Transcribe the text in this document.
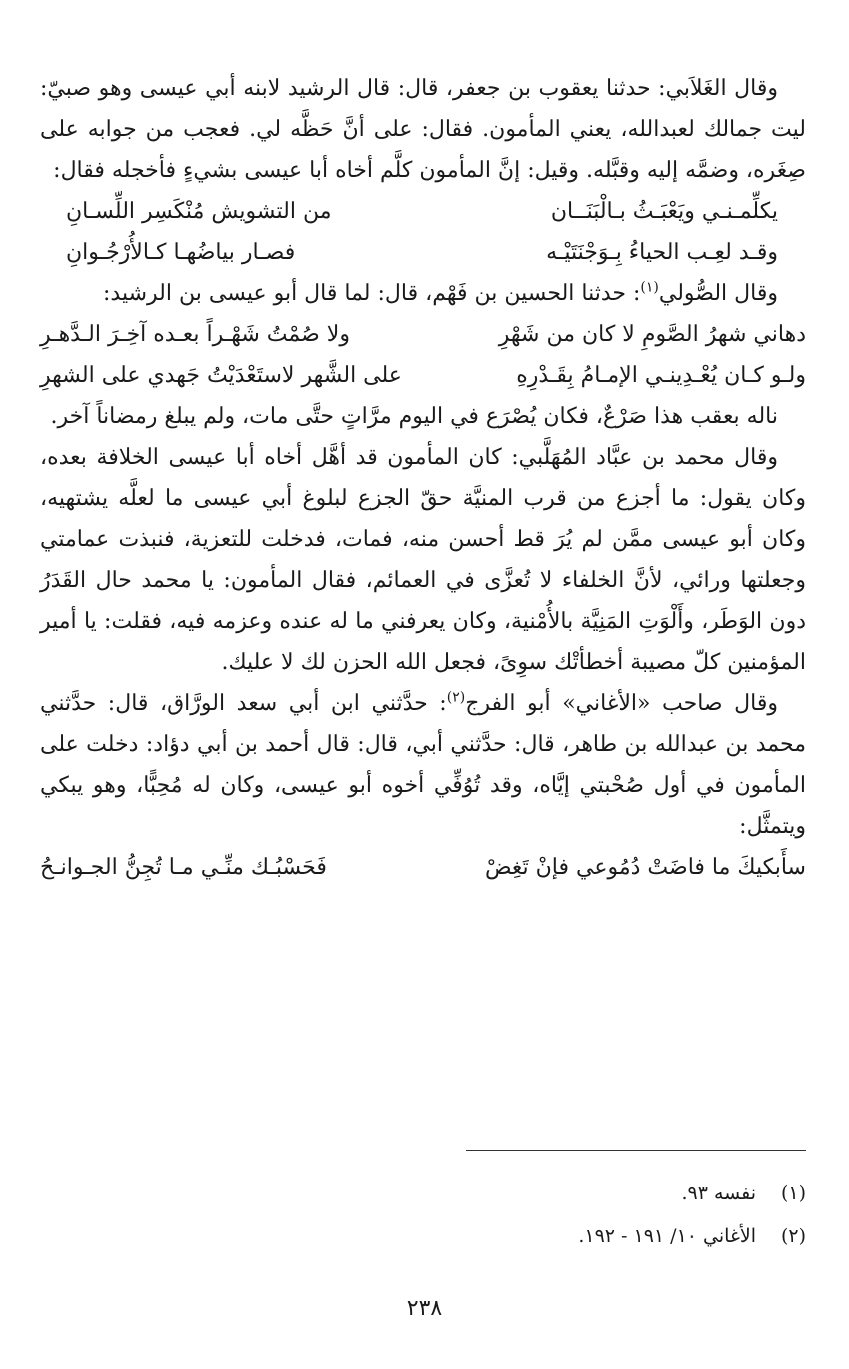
وقال الغَلاَبي: حدثنا يعقوب بن جعفر، قال: قال الرشيد لابنه أبي عيسى وهو صبيّ: ليت جمالك لعبدالله، يعني المأمون. فقال: على أنَّ حَظَّه لي. فعجب من جوابه على صِغَره، وضمَّه إليه وقبَّله. وقيل: إنَّ المأمون كلَّم أخاه أبا عيسى بشيءٍ فأخجله فقال:

يكلِّمـنـي ويَعْبَـثُ بـالْبَنَــان
من التشويش مُنْكَسِر اللِّسـانِ
وقـد لعِـب الحياءُ بِـوَجْنَتَيْـه
فصـار بياضُهـا كـالأُرْجُـوانِ

وقال الصُّولي$^{(١)}$: حدثنا الحسين بن فَهْم، قال: لما قال أبو عيسى بن الرشيد:

دهاني شهرُ الصَّومِ لا كان من شَهْرِ
ولا صُمْتُ شَهْـراً بعـده آخِـرَ الـدَّهـرِ
ولـو كـان يُعْـدِينـي الإمـامُ بِقَـدْرِهِ
على الشَّهر لاستَعْدَيْتُ جَهدي على الشهرِ

ناله بعقب هذا صَرْعٌ، فكان يُصْرَع في اليوم مرَّاتٍ حتَّى مات، ولم يبلغ رمضاناً آخر.

وقال محمد بن عبَّاد المُهَلَّبي: كان المأمون قد أهَّل أخاه أبا عيسى الخلافة بعده، وكان يقول: ما أجزع من قرب المنيَّة حقّ الجزع لبلوغ أبي عيسى ما لعلَّه يشتهيه، وكان أبو عيسى ممَّن لم يُرَ قط أحسن منه، فمات، فدخلت للتعزية، فنبذت عمامتي وجعلتها ورائي، لأنَّ الخلفاء لا تُعزَّى في العمائم، فقال المأمون: يا محمد حال القَدَرُ دون الوَطَر، وأَلْوَتِ المَنِيَّة بالأُمْنية، وكان يعرفني ما له عنده وعزمه فيه، فقلت: يا أمير المؤمنين كلّ مصيبة أخطأتْك سوِىً، فجعل الله الحزن لك لا عليك.

وقال صاحب «الأغاني» أبو الفرج$^{(٢)}$: حدَّثني ابن أبي سعد الورَّاق، قال: حدَّثني محمد بن عبدالله بن طاهر، قال: حدَّثني أبي، قال: قال أحمد بن أبي دؤاد: دخلت على المأمون في أول صُحْبتي إيَّاه، وقد تُوُفِّي أخوه أبو عيسى، وكان له مُحِبًّا، وهو يبكي ويتمثَّل:

سأَبكيكَ ما فاضَتْ دُمُوعي فإنْ تَغِضْ
فَحَسْبُـك منِّـي مـا تُجِنُّ الجـوانـحُ
(١)
نفسه ٩٣.
(٢)
الأغاني ١٠/ ١٩١ - ١٩٢.
٢٣٨
